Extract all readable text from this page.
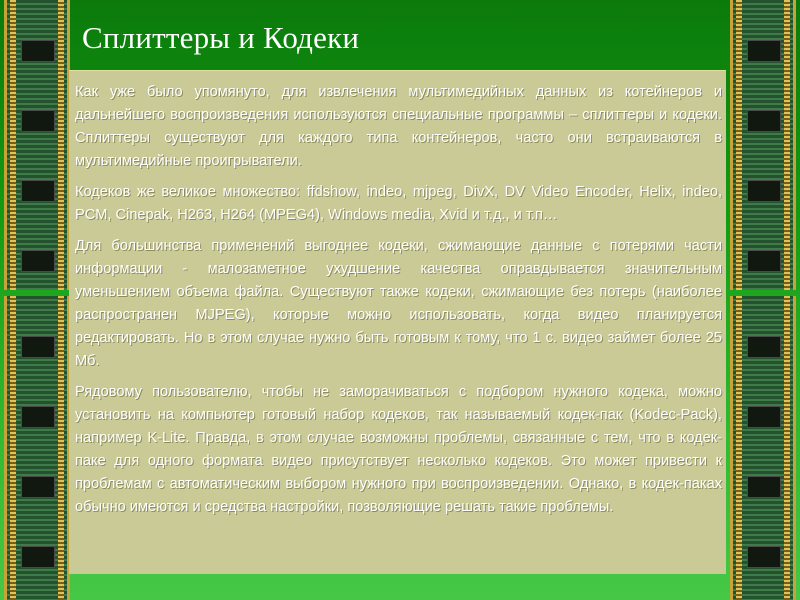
Сплиттеры и Кодеки

Как уже было упомянуто, для извлечения мультимедийных данных из котейнеров и дальнейшего воспроизведения используются специальные программы – сплиттеры и кодеки. Сплиттеры существуют для каждого типа контейнеров, часто они встраиваются в мультимедийные проигрыватели.

Кодеков же великое множество: ffdshow, indeo, mjpeg, DivX, DV Video Encoder, Helix, indeo, PCM, Cinepak, H263, H264 (MPEG4), Windows media, Xvid и т.д., и т.п…

Для большинства применений выгоднее кодеки, сжимающие данные с потерями части информации - малозаметное ухудшение качества оправдывается значительным уменьшением объема файла. Существуют также кодеки, сжимающие без потерь (наиболее распространен MJPEG), которые можно использовать, когда видео планируется редактировать. Но в этом случае нужно быть готовым к тому, что 1 с. видео займет более 25 Мб.

Рядовому пользователю, чтобы не заморачиваться с подбором нужного кодека, можно установить на компьютер готовый набор кодеков, так называемый кодек-пак (Kodec-Pack), например K-Lite. Правда, в этом случае возможны проблемы, связанные с тем, что в кодек-паке для одного формата видео присутствует несколько кодеков. Это может привести к проблемам с автоматическим выбором нужного при воспроизведении. Однако, в кодек-паках обычно имеются и средства настройки, позволяющие решать такие проблемы.
